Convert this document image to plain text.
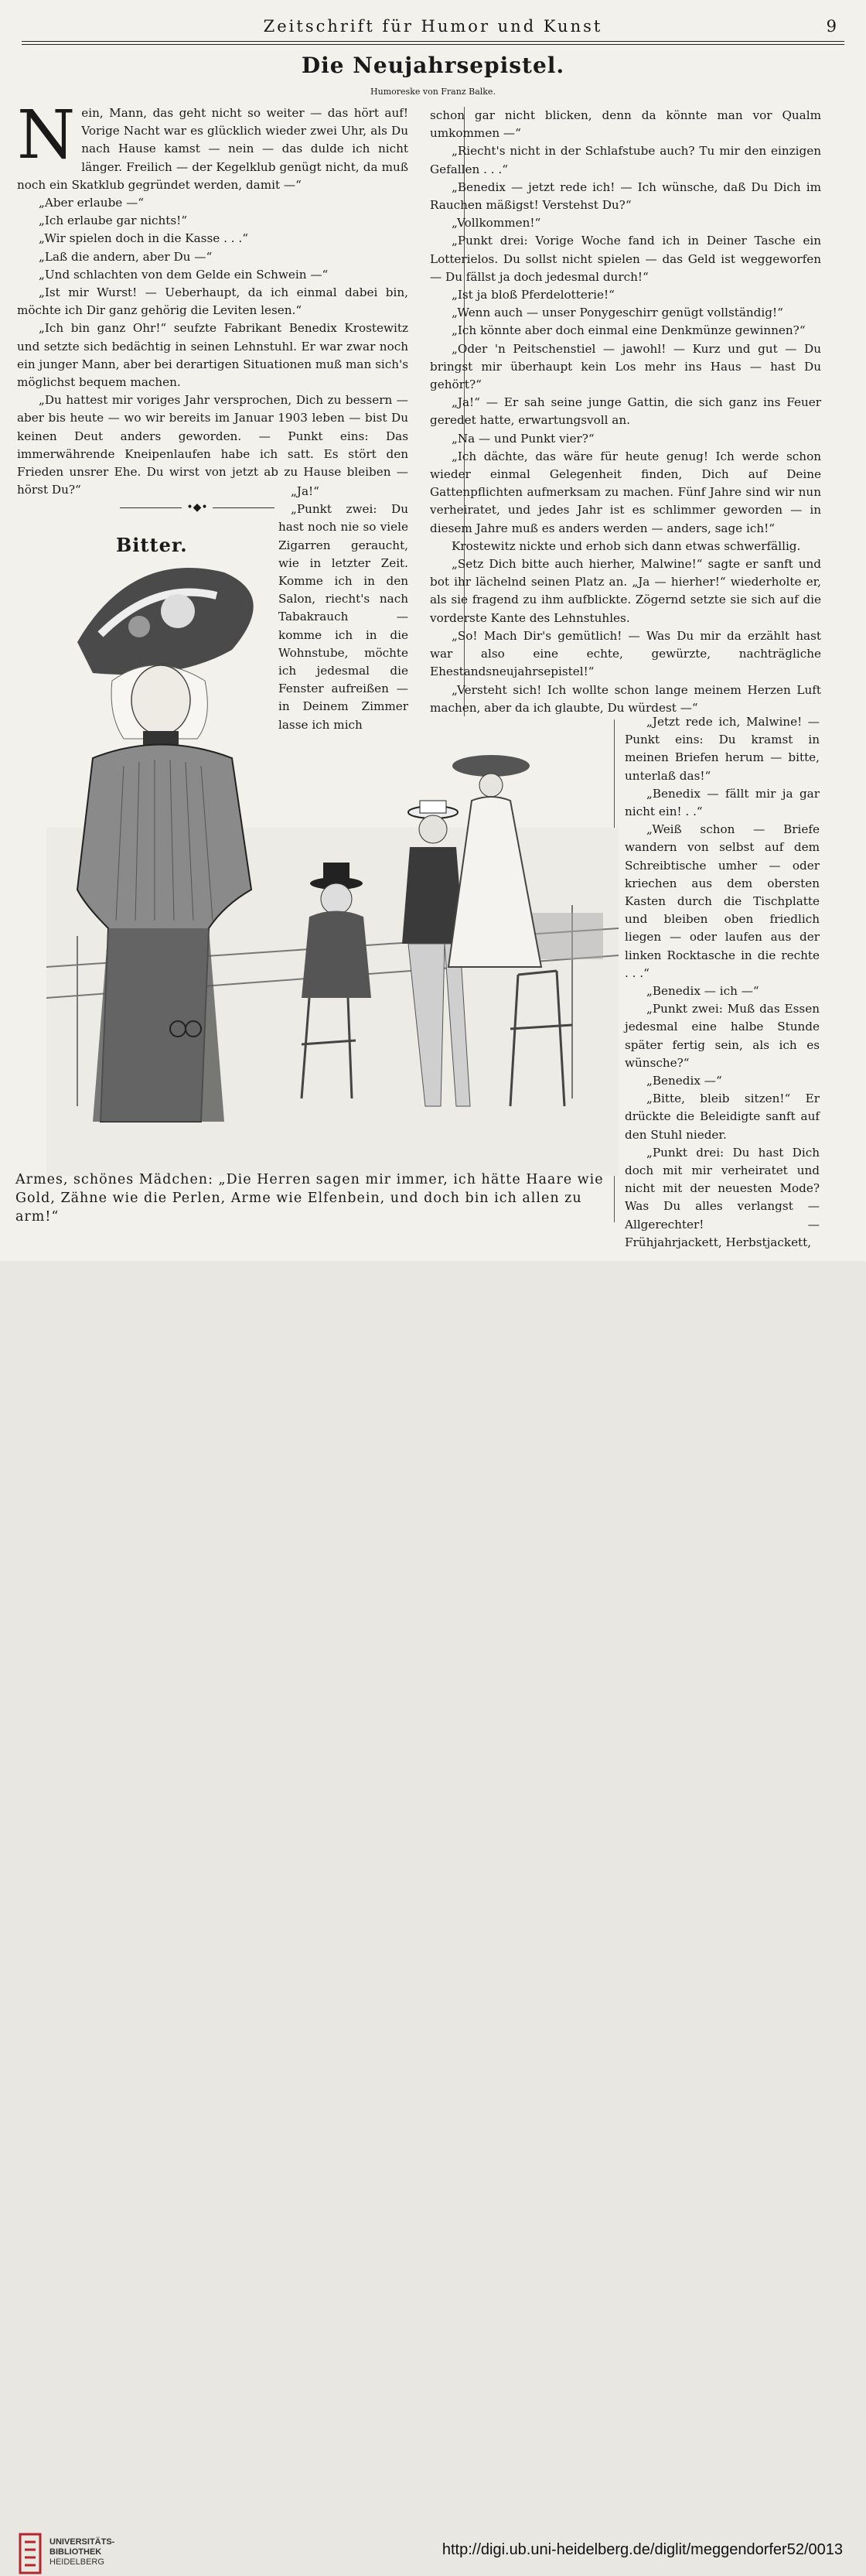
Zeitschrift für Humor und Kunst	9
Die Neujahrsepistel.
Humoreske von Franz Balke.

Nein, Mann, das geht nicht so weiter — das hört auf! Vorige Nacht war es glücklich wieder zwei Uhr, als Du nach Hause kamst — nein — das dulde ich nicht länger. Freilich — der Kegelklub genügt nicht, da muß noch ein Skatklub gegründet werden, damit —“

„Aber erlaube —“

„Ich erlaube gar nichts!“

„Wir spielen doch in die Kasse . . .“

„Laß die andern, aber Du —“

„Und schlachten von dem Gelde ein Schwein —“

„Ist mir Wurst! — Ueberhaupt, da ich einmal dabei bin, möchte ich Dir ganz gehörig die Leviten lesen.“

„Ich bin ganz Ohr!“ seufzte Fabrikant Benedix Krostewitz und setzte sich bedächtig in seinen Lehnstuhl. Er war zwar noch ein junger Mann, aber bei derartigen Situationen muß man sich's möglichst bequem machen.

„Du hattest mir voriges Jahr versprochen, Dich zu bessern — aber bis heute — wo wir bereits im Januar 1903 leben — bist Du keinen Deut anders geworden. — Punkt eins: Das immerwährende Kneipenlaufen habe ich satt. Es stört den Frieden unsrer Ehe. Du wirst von jetzt ab zu Hause bleiben — hörst Du?“

•◆•
Bitter.

„Ja!“

„Punkt zwei: Du hast noch nie so viele Zigarren geraucht, wie in letzter Zeit. Komme ich in den Salon, riecht's nach Tabakrauch — komme ich in die Wohnstube, möchte ich jedesmal die Fenster aufreißen — in Deinem Zimmer lasse ich mich

schon gar nicht blicken, denn da könnte man vor Qualm umkommen —“

„Riecht's nicht in der Schlafstube auch? Tu mir den einzigen Gefallen . . .“

„Benedix — jetzt rede ich! — Ich wünsche, daß Du Dich im Rauchen mäßigst! Verstehst Du?“

„Vollkommen!“

„Punkt drei: Vorige Woche fand ich in Deiner Tasche ein Lotterielos. Du sollst nicht spielen — das Geld ist weggeworfen — Du fällst ja doch jedesmal durch!“

„Ist ja bloß Pferdelotterie!“

„Wenn auch — unser Ponygeschirr genügt vollständig!“

„Ich könnte aber doch einmal eine Denkmünze gewinnen?“

„Oder 'n Peitschenstiel — jawohl! — Kurz und gut — Du bringst mir überhaupt kein Los mehr ins Haus — hast Du gehört?“

„Ja!“ — Er sah seine junge Gattin, die sich ganz ins Feuer geredet hatte, erwartungsvoll an.

„Na — und Punkt vier?“

„Ich dächte, das wäre für heute genug! Ich werde schon wieder einmal Gelegenheit finden, Dich auf Deine Gattenpflichten aufmerksam zu machen. Fünf Jahre sind wir nun verheiratet, und jedes Jahr ist es schlimmer geworden — in diesem Jahre muß es anders werden — anders, sage ich!“

Krostewitz nickte und erhob sich dann etwas schwerfällig.

„Setz Dich bitte auch hierher, Malwine!“ sagte er sanft und bot ihr lächelnd seinen Platz an. „Ja — hierher!“ wiederholte er, als sie fragend zu ihm aufblickte. Zögernd setzte sie sich auf die vorderste Kante des Lehnstuhles.

„So! Mach Dir's gemütlich! — Was Du mir da erzählt hast war also eine echte, gewürzte, nachträgliche Ehestandsneujahrsepistel!“

„Versteht sich! Ich wollte schon lange meinem Herzen Luft machen, aber da ich glaubte, Du würdest —“

„Jetzt rede ich, Malwine! — Punkt eins: Du kramst in meinen Briefen herum — bitte, unterlaß das!“

„Benedix — fällt mir ja gar nicht ein! . .“

„Weiß schon — Briefe wandern von selbst auf dem Schreibtische umher — oder kriechen aus dem obersten Kasten durch die Tischplatte und bleiben oben friedlich liegen — oder laufen aus der linken Rocktasche in die rechte . . .“

„Benedix — ich —“

„Punkt zwei: Muß das Essen jedesmal eine halbe Stunde später fertig sein, als ich es wünsche?“

„Benedix —“

„Bitte, bleib sitzen!“ Er drückte die Beleidigte sanft auf den Stuhl nieder.

„Punkt drei: Du hast Dich doch mit mir verheiratet und nicht mit der neuesten Mode? Was Du alles verlangst — Allgerechter! — Frühjahrjackett, Herbstjackett,

Armes, schönes Mädchen: „Die Herren sagen mir immer, ich hätte Haare wie Gold, Zähne wie die Perlen, Arme wie Elfenbein, und doch bin ich allen zu arm!“
UNIVERSITÄTS-
BIBLIOTHEK
HEIDELBERG
http://digi.ub.uni-heidelberg.de/diglit/meggendorfer52/0013
